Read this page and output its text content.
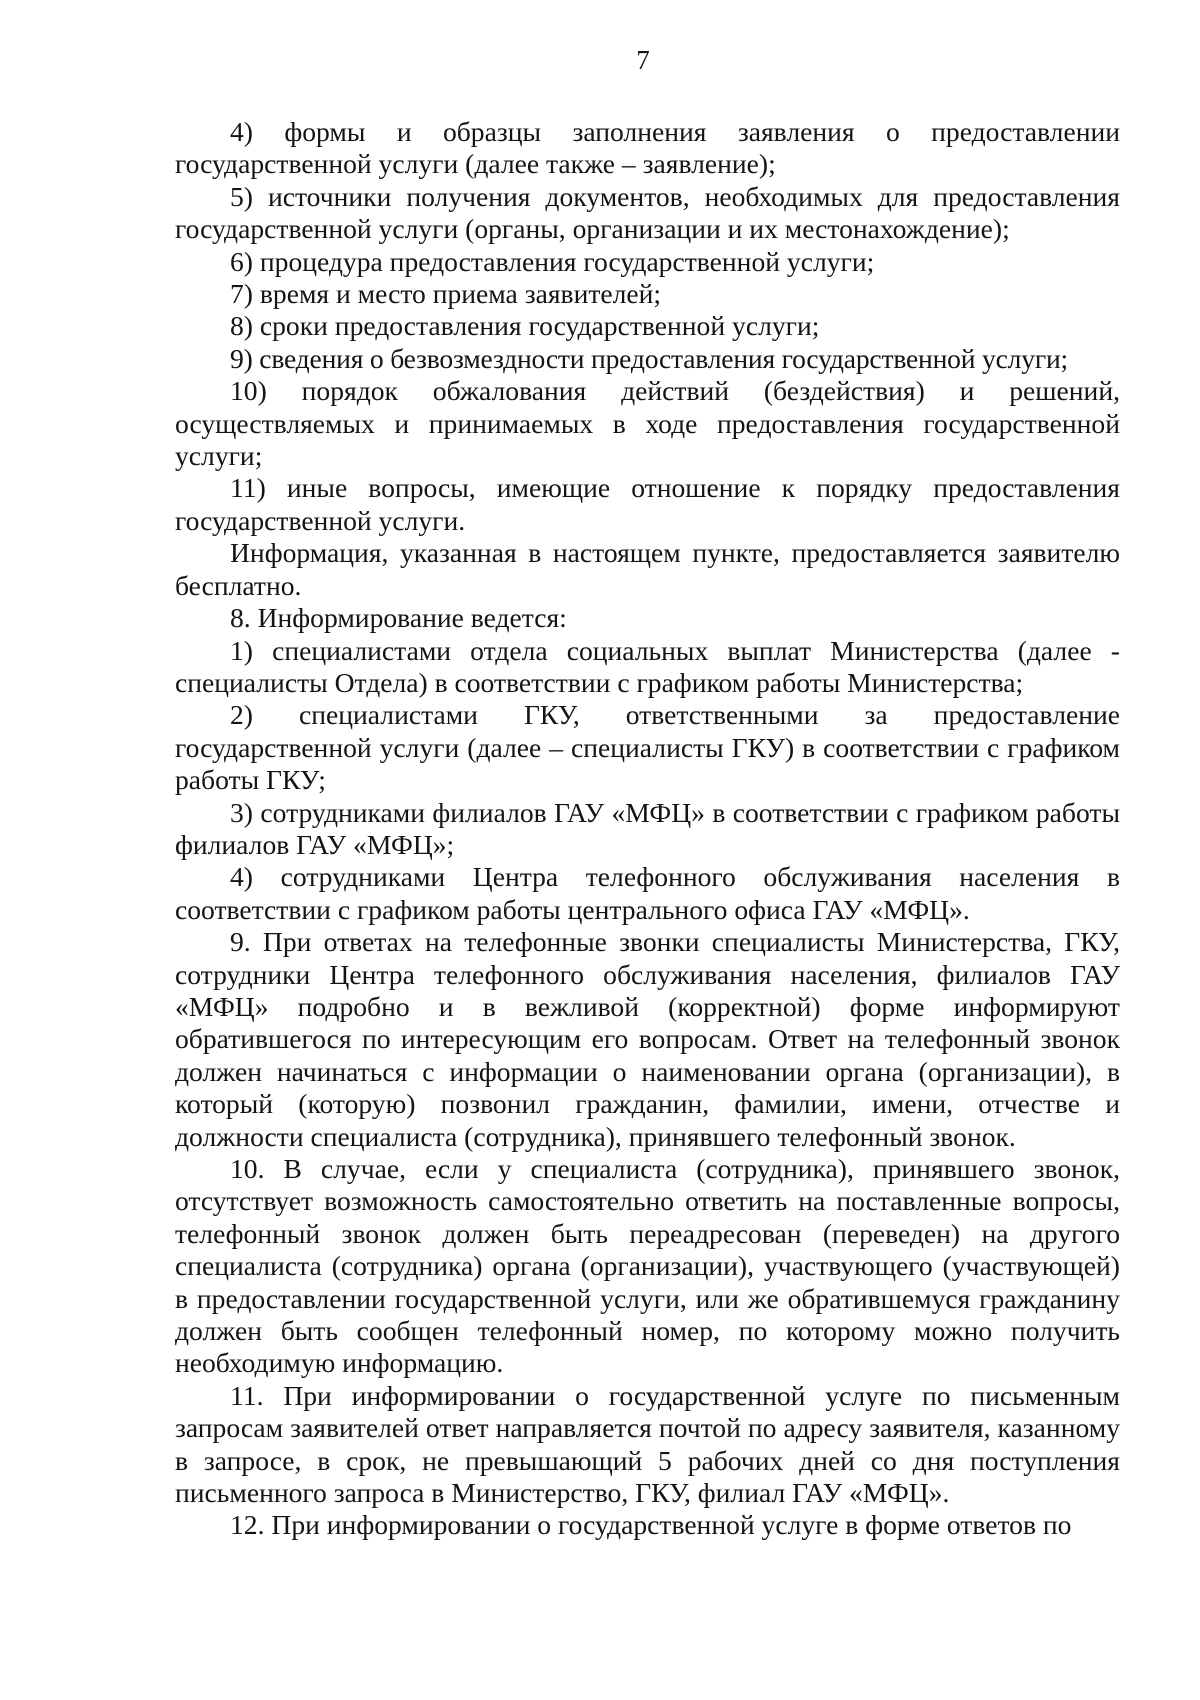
7

4) формы и образцы заполнения заявления о предоставлении государственной услуги (далее также – заявление);

5) источники получения документов, необходимых для предоставления государственной услуги (органы, организации и их местонахождение);

6) процедура предоставления государственной услуги;

7) время и место приема заявителей;

8) сроки предоставления государственной услуги;

9) сведения о безвозмездности предоставления государственной услуги;

10) порядок обжалования действий (бездействия) и решений, осуществляемых и принимаемых в ходе предоставления государственной услуги;

11) иные вопросы, имеющие отношение к порядку предоставления государственной услуги.

Информация, указанная в настоящем пункте, предоставляется заявителю бесплатно.

8. Информирование ведется:

1) специалистами отдела социальных выплат Министерства (далее - специалисты Отдела) в соответствии с графиком работы Министерства;

2) специалистами ГКУ, ответственными за предоставление государственной услуги (далее – специалисты ГКУ) в соответствии с графиком работы ГКУ;

3) сотрудниками филиалов ГАУ «МФЦ» в соответствии с графиком работы филиалов ГАУ «МФЦ»;

4) сотрудниками Центра телефонного обслуживания населения в соответствии с графиком работы центрального офиса ГАУ «МФЦ».

9. При ответах на телефонные звонки специалисты Министерства, ГКУ, сотрудники Центра телефонного обслуживания населения, филиалов ГАУ «МФЦ» подробно и в вежливой (корректной) форме информируют обратившегося по интересующим его вопросам. Ответ на телефонный звонок должен начинаться с информации о наименовании органа (организации), в который (которую) позвонил гражданин, фамилии, имени, отчестве и должности специалиста (сотрудника), принявшего телефонный звонок.

10. В случае, если у специалиста (сотрудника), принявшего звонок, отсутствует возможность самостоятельно ответить на поставленные вопросы, телефонный звонок должен быть переадресован (переведен) на другого специалиста (сотрудника) органа (организации), участвующего (участвующей) в предоставлении государственной услуги, или же обратившемуся гражданину должен быть сообщен телефонный номер, по которому можно получить необходимую информацию.

11. При информировании о государственной услуге по письменным запросам заявителей ответ направляется почтой по адресу заявителя, казанному в запросе, в срок, не превышающий 5 рабочих дней со дня поступления письменного запроса в Министерство, ГКУ, филиал ГАУ «МФЦ».

12. При информировании о государственной услуге в форме ответов по
